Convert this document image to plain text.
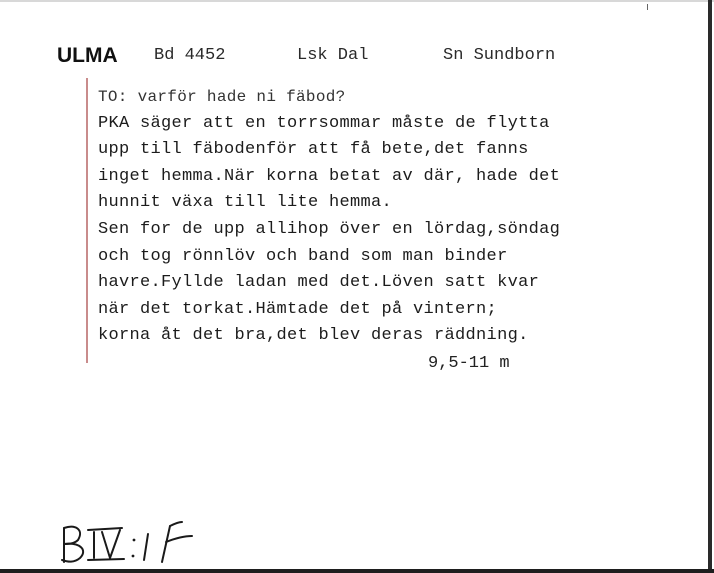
ULMA Bd 4452	Lsk Dal	Sn Sundborn
TO: varför hade ni fäbod?
PKA säger att en torrsommar måste de flytta
upp till fäbodenför att få bete,det fanns
inget hemma.När korna betat av där, hade det
hunnit växa till lite hemma.
Sen for de upp allihop över en lördag,söndag
och tog rönnlöv och band som man binder
havre.Fyllde ladan med det.Löven satt kvar
när det torkat.Hämtade det på vintern;
korna åt det bra,det blev deras räddning.
9,5-11 m
